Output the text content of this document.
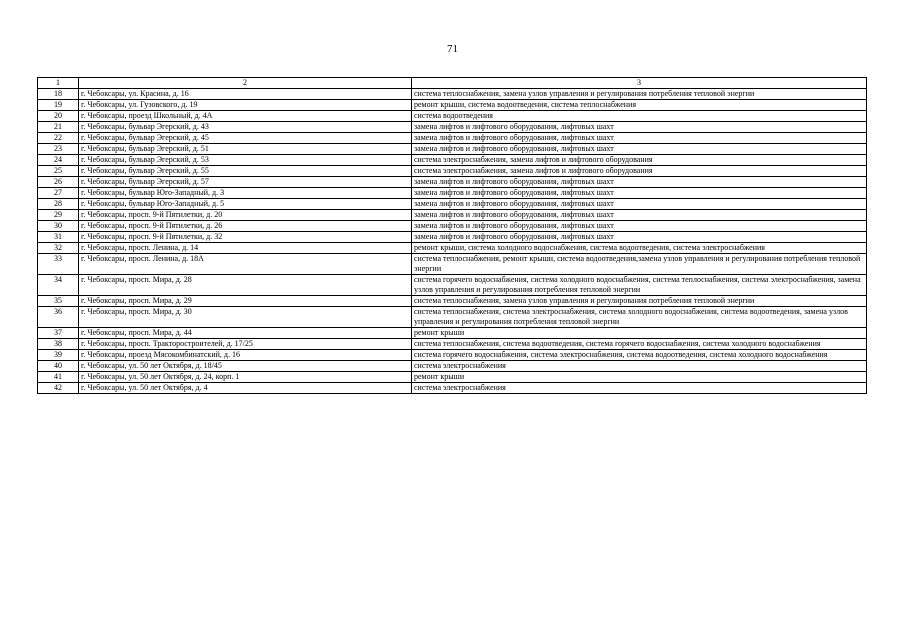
71
1	2	3
18	г. Чебоксары, ул. Красина, д. 16	система теплоснабжения, замена узлов управления и регулирования потребления тепловой энергии
19	г. Чебоксары, ул. Гузовского, д. 19	ремонт крыши, система водоотведения, система теплоснабжения
20	г. Чебоксары, проезд Школьный, д. 4А	система водоотведения
21	г. Чебоксары, бульвар Эгерский, д. 43	замена лифтов и лифтового оборудования, лифтовых шахт
22	г. Чебоксары, бульвар Эгерский, д. 45	замена лифтов и лифтового оборудования, лифтовых шахт
23	г. Чебоксары, бульвар Эгерский, д. 51	замена лифтов и лифтового оборудования, лифтовых шахт
24	г. Чебоксары, бульвар Эгерский, д. 53	система электроснабжения, замена лифтов и лифтового оборудования
25	г. Чебоксары, бульвар Эгерский, д. 55	система электроснабжения, замена лифтов и лифтового оборудования
26	г. Чебоксары, бульвар Эгерский, д. 57	замена лифтов и лифтового оборудования, лифтовых шахт
27	г. Чебоксары, бульвар Юго-Западный, д. 3	замена лифтов и лифтового оборудования, лифтовых шахт
28	г. Чебоксары, бульвар Юго-Западный, д. 5	замена лифтов и лифтового оборудования, лифтовых шахт
29	г. Чебоксары, просп. 9-й Пятилетки, д. 20	замена лифтов и лифтового оборудования, лифтовых шахт
30	г. Чебоксары, просп. 9-й Пятилетки, д. 26	замена лифтов и лифтового оборудования, лифтовых шахт
31	г. Чебоксары, просп. 9-й Пятилетки, д. 32	замена лифтов и лифтового оборудования, лифтовых шахт
32	г. Чебоксары, просп. Ленина, д. 14	ремонт крыши, система холодного водоснабжения, система водоотведения, система электроснабжения
33	г. Чебоксары, просп. Ленина, д. 18А	система теплоснабжения, ремонт крыши, система водоотведения,замена узлов управления и регулирования потребления тепловой энергии
34	г. Чебоксары, просп. Мира, д. 28	система горячего водоснабжения, система холодного водоснабжения, система теплоснабжения, система электроснабжения, замена узлов управления и регулирования потребления тепловой энергии
35	г. Чебоксары, просп. Мира, д. 29	система теплоснабжения, замена узлов управления и регулирования потребления тепловой энергии
36	г. Чебоксары, просп. Мира, д. 30	система теплоснабжения, система электроснабжения, система холодного водоснабжения, система водоотведения, замена узлов управления и регулирования потребления тепловой энергии
37	г. Чебоксары, просп. Мира, д. 44	ремонт крыши
38	г. Чебоксары, просп. Тракторостроителей, д. 17/25	система теплоснабжения, система водоотведения, система горячего водоснабжения, система холодного водоснабжения
39	г. Чебоксары, проезд Мясокомбинатский, д. 16	система горячего водоснабжения, система электроснабжения, система водоотведения, система холодного водоснабжения
40	г. Чебоксары, ул. 50 лет Октября, д. 18/45	система электроснабжения
41	г. Чебоксары, ул. 50 лет Октября, д. 24, корп. 1	ремонт крыши
42	г. Чебоксары, ул. 50 лет Октября, д. 4	система электроснабжения
